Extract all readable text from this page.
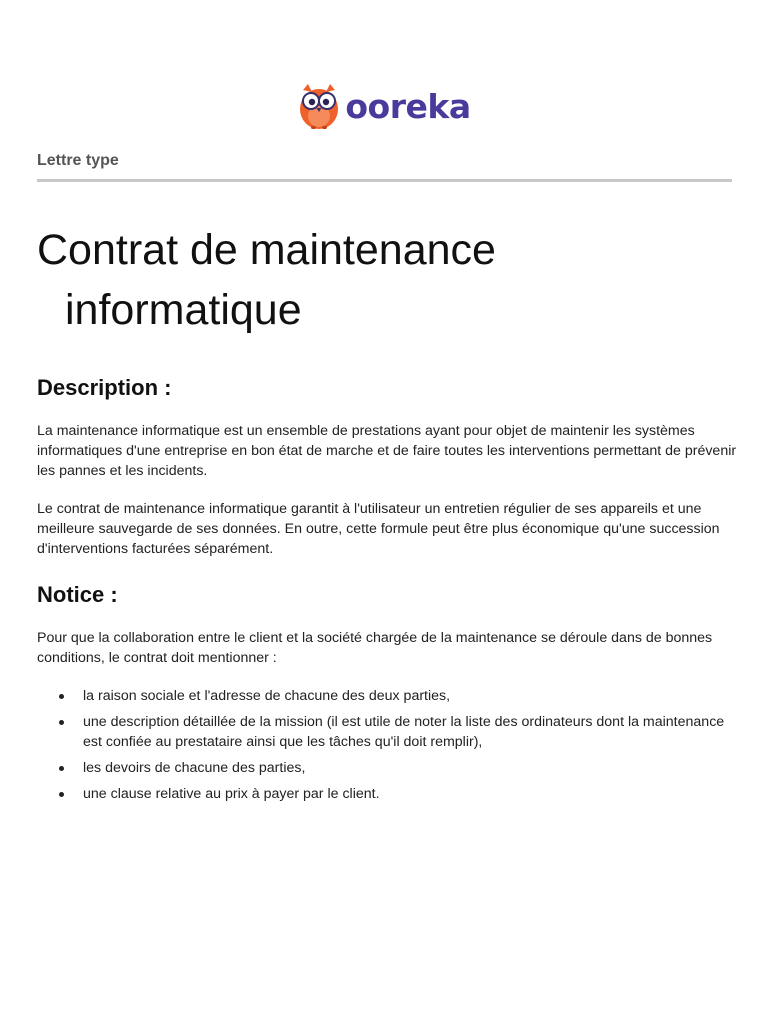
ooreka
Lettre type
Contrat de maintenance
informatique
Description :

La maintenance informatique est un ensemble de prestations ayant pour objet de maintenir les systèmes informatiques d'une entreprise en bon état de marche et de faire toutes les interventions permettant de prévenir les pannes et les incidents.

Le contrat de maintenance informatique garantit à l'utilisateur un entretien régulier de ses appareils et une meilleure sauvegarde de ses données. En outre, cette formule peut être plus économique qu'une succession d'interventions facturées séparément.

Notice :

Pour que la collaboration entre le client et la société chargée de la maintenance se déroule dans de bonnes conditions, le contrat doit mentionner :

la raison sociale et l'adresse de chacune des deux parties,
une description détaillée de la mission (il est utile de noter la liste des ordinateurs dont la maintenance est confiée au prestataire ainsi que les tâches qu'il doit remplir),
les devoirs de chacune des parties,
une clause relative au prix à payer par le client.
